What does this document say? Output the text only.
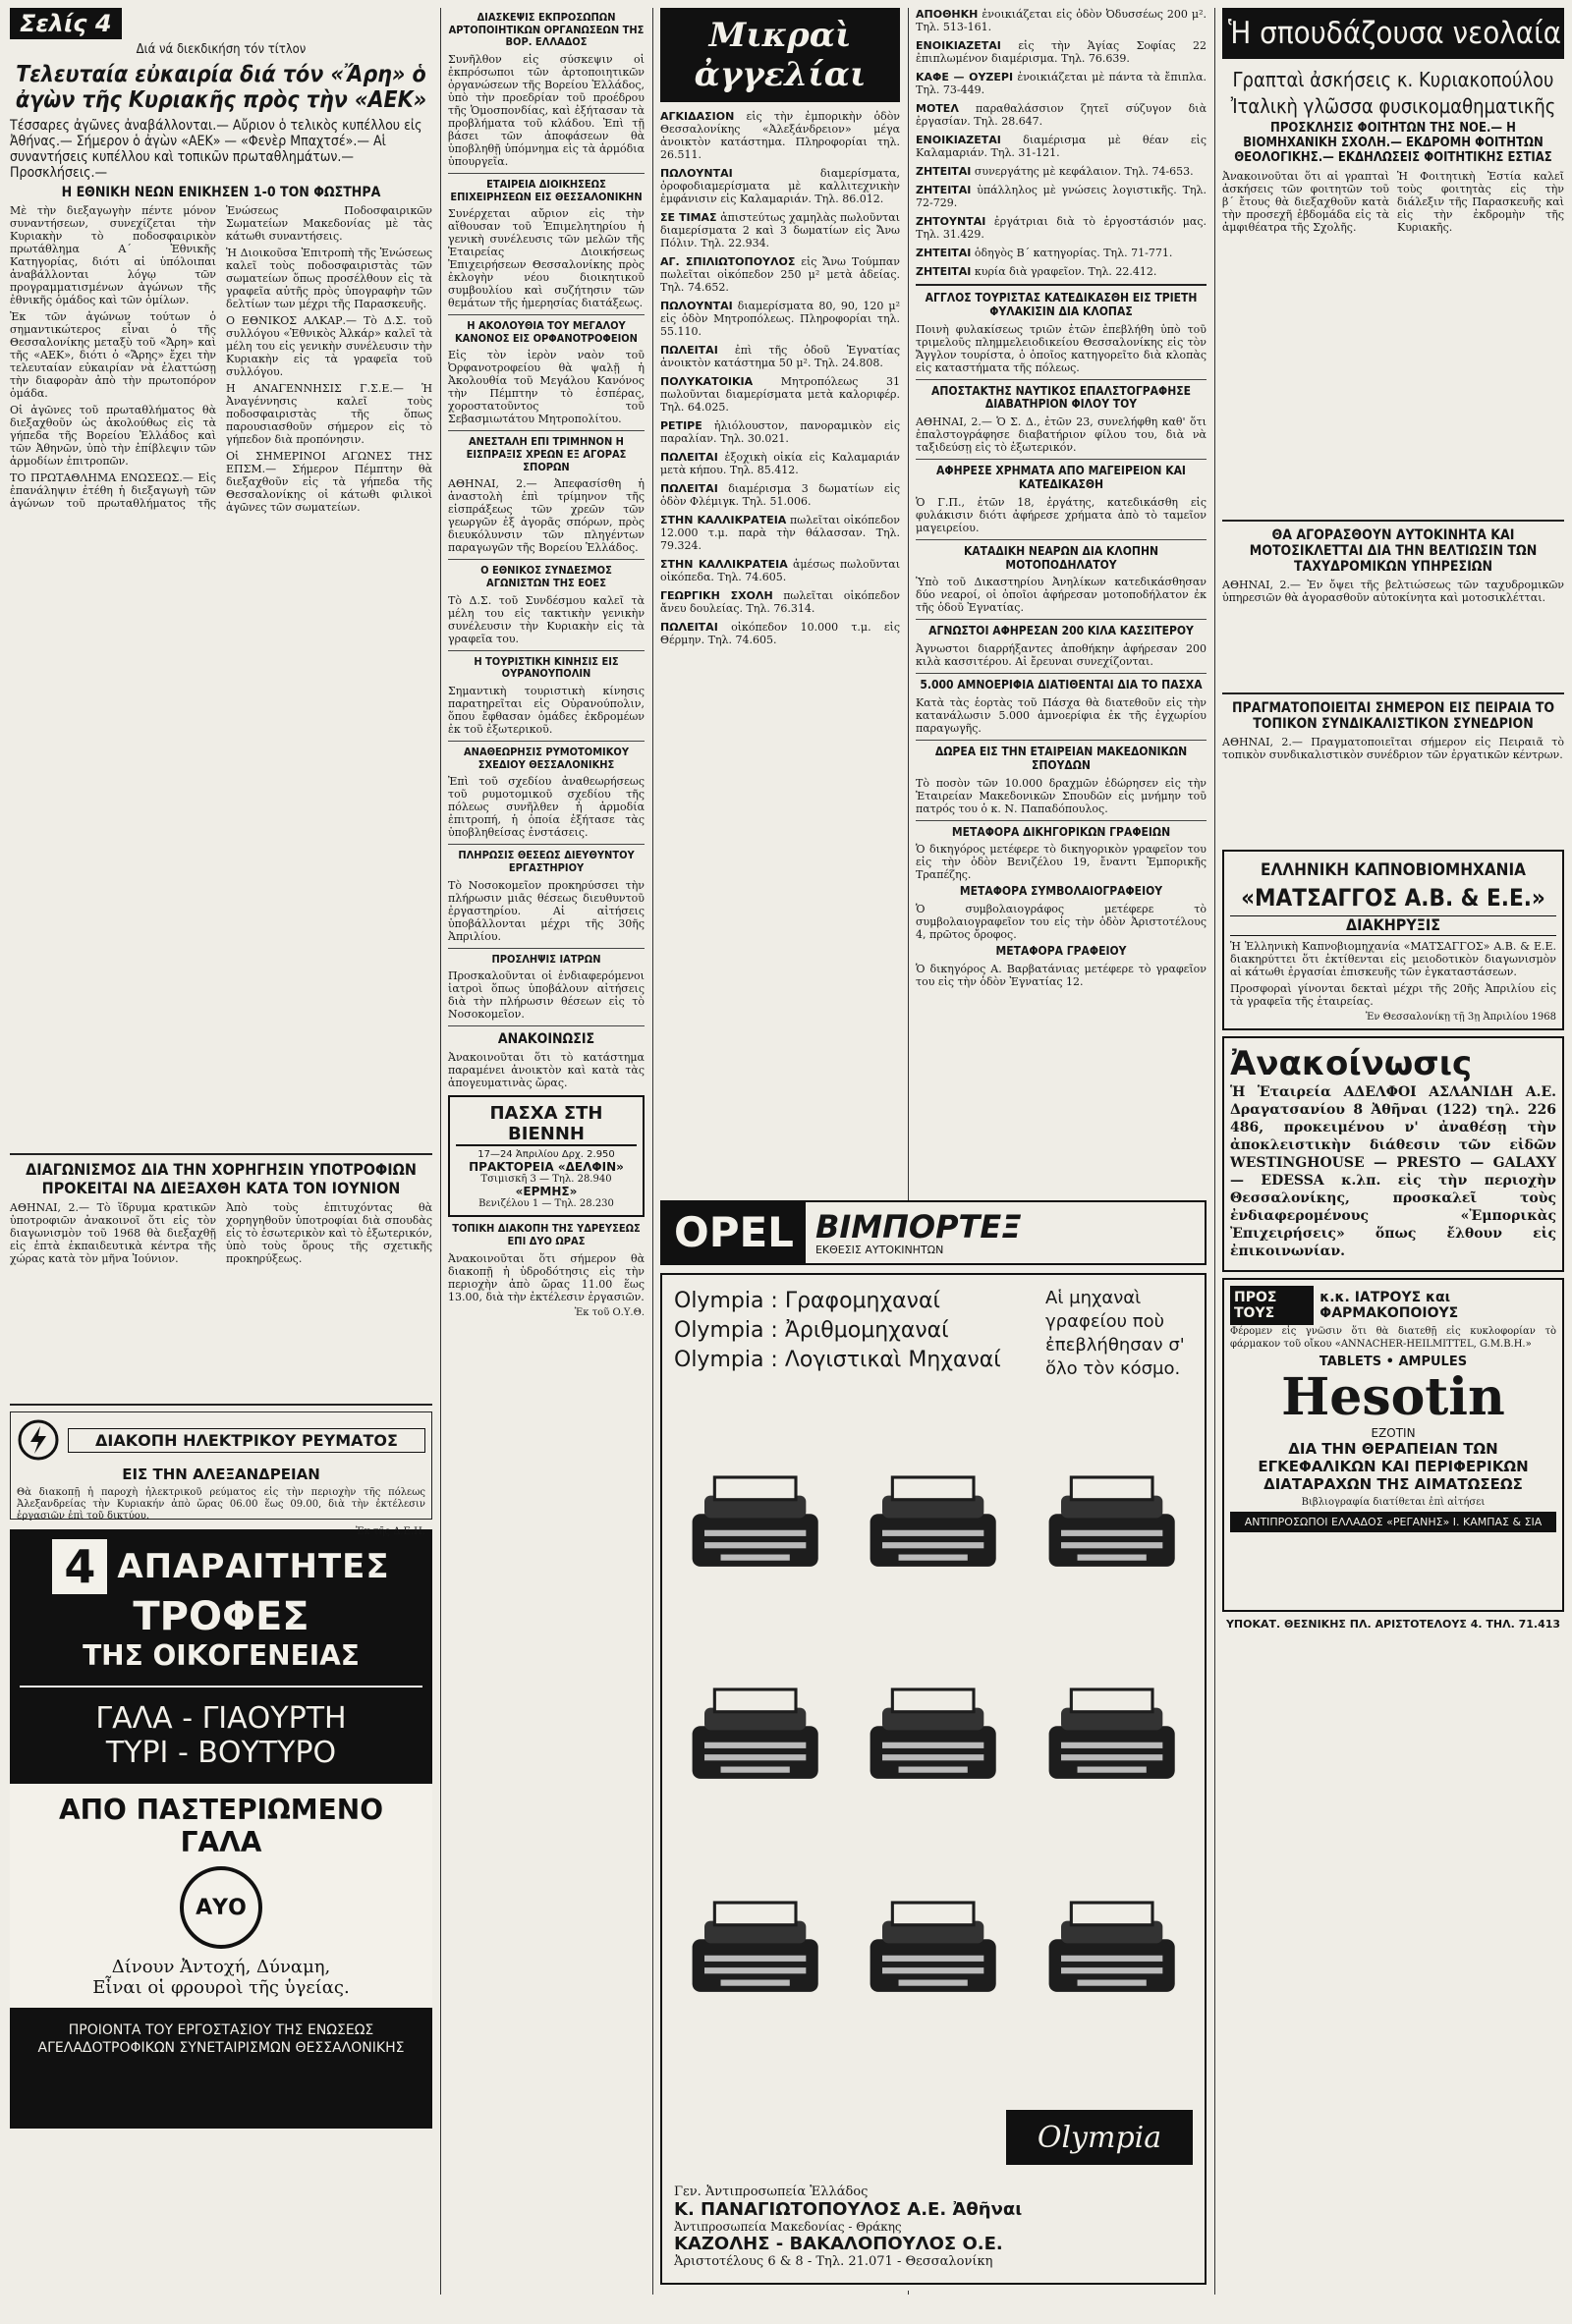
Σελίς 4
Διά νά διεκδικήση τόν τίτλον
Τελευταία εὐκαιρία διά τόν «Ἄρη» ὁ ἀγὼν τῆς Κυριακῆς πρὸς τὴν «ΑΕΚ»
Τέσσαρες ἀγῶνες ἀναβάλλονται.— Αὔριον ὁ τελικὸς κυπέλλου εἰς Ἀθήνας.— Σήμερον ὁ ἀγὼν «ΑΕΚ» — «Φενὲρ Μπαχτσέ».— Αἱ συναντήσεις κυπέλλου καὶ τοπικῶν πρωταθλημάτων.— Προσκλήσεις.—
Η ΕΘΝΙΚΗ ΝΕΩΝ ΕΝΙΚΗΣΕΝ 1-0 ΤΟΝ ΦΩΣΤΗΡΑ

Μὲ τὴν διεξαγωγὴν πέντε μόνον συναντήσεων, συνεχίζεται τὴν Κυριακὴν τὸ ποδοσφαιρικὸν πρωτάθλημα Α΄ Ἐθνικῆς Κατηγορίας, διότι αἱ ὑπόλοιπαι ἀναβάλλονται λόγῳ τῶν προγραμματισμένων ἀγώνων τῆς ἐθνικῆς ὁμάδος καὶ τῶν ὁμίλων.

Ἐκ τῶν ἀγώνων τούτων ὁ σημαντικώτερος εἶναι ὁ τῆς Θεσσαλονίκης μεταξὺ τοῦ «Ἄρη» καὶ τῆς «ΑΕΚ», διότι ὁ «Ἄρης» ἔχει τὴν τελευταίαν εὐκαιρίαν νὰ ἐλαττώσῃ τὴν διαφορὰν ἀπὸ τὴν πρωτοπόρον ὁμάδα.

Οἱ ἀγῶνες τοῦ πρωταθλήματος θὰ διεξαχθοῦν ὡς ἀκολούθως εἰς τὰ γήπεδα τῆς Βορείου Ἑλλάδος καὶ τῶν Ἀθηνῶν, ὑπὸ τὴν ἐπίβλεψιν τῶν ἁρμοδίων ἐπιτροπῶν.

ΤΟ ΠΡΩΤΑΘΛΗΜΑ ΕΝΩΣΕΩΣ.— Εἰς ἐπανάληψιν ἐτέθη ἡ διεξαγωγὴ τῶν ἀγώνων τοῦ πρωταθλήματος τῆς Ἑνώσεως Ποδοσφαιρικῶν Σωματείων Μακεδονίας μὲ τὰς κάτωθι συναντήσεις.

Ἡ Διοικοῦσα Ἐπιτροπὴ τῆς Ἑνώσεως καλεῖ τοὺς ποδοσφαιριστὰς τῶν σωματείων ὅπως προσέλθουν εἰς τὰ γραφεῖα αὐτῆς πρὸς ὑπογραφὴν τῶν δελτίων των μέχρι τῆς Παρασκευῆς.

Ο ΕΘΝΙΚΟΣ ΑΛΚΑΡ.— Τὸ Δ.Σ. τοῦ συλλόγου «Ἐθνικὸς Ἀλκάρ» καλεῖ τὰ μέλη του εἰς γενικὴν συνέλευσιν τὴν Κυριακὴν εἰς τὰ γραφεῖα τοῦ συλλόγου.

Η ΑΝΑΓΕΝΝΗΣΙΣ Γ.Σ.Ε.— Ἡ Ἀναγέννησις καλεῖ τοὺς ποδοσφαιριστὰς τῆς ὅπως παρουσιασθοῦν σήμερον εἰς τὸ γήπεδον διὰ προπόνησιν.

Οἱ ΣΗΜΕΡΙΝΟΙ ΑΓΩΝΕΣ ΤΗΣ ΕΠΣΜ.— Σήμερον Πέμπτην θὰ διεξαχθοῦν εἰς τὰ γήπεδα τῆς Θεσσαλονίκης οἱ κάτωθι φιλικοὶ ἀγῶνες τῶν σωματείων.

ΔΙΑΓΩΝΙΣΜΟΣ ΔΙΑ ΤΗΝ ΧΟΡΗΓΗΣΙΝ ΥΠΟΤΡΟΦΙΩΝ ΠΡΟΚΕΙΤΑΙ ΝΑ ΔΙΕΞΑΧΘΗ ΚΑΤΑ ΤΟΝ ΙΟΥΝΙΟΝ

ΑΘΗΝΑΙ, 2.— Τὸ ἵδρυμα κρατικῶν ὑποτροφιῶν ἀνακοινοῖ ὅτι εἰς τὸν διαγωνισμὸν τοῦ 1968 θὰ διεξαχθῇ εἰς ἑπτὰ ἐκπαιδευτικὰ κέντρα τῆς χώρας κατὰ τὸν μῆνα Ἰούνιον.

Ἀπὸ τοὺς ἐπιτυχόντας θὰ χορηγηθοῦν ὑποτροφίαι διὰ σπουδὰς εἰς τὸ ἐσωτερικὸν καὶ τὸ ἐξωτερικόν, ὑπὸ τοὺς ὅρους τῆς σχετικῆς προκηρύξεως.

ΔΙΑΚΟΠΗ ΗΛΕΚΤΡΙΚΟΥ ΡΕΥΜΑΤΟΣ
ΕΙΣ ΤΗΝ ΑΛΕΞΑΝΔΡΕΙΑΝ

Θὰ διακοπῇ ἡ παροχὴ ἠλεκτρικοῦ ρεύματος εἰς τὴν περιοχὴν τῆς πόλεως Ἀλεξανδρείας τὴν Κυριακήν ἀπὸ ὥρας 06.00 ἕως 09.00, διὰ τὴν ἐκτέλεσιν ἐργασιῶν ἐπὶ τοῦ δικτύου.

Ἐκ τῆς Δ.Ε.Η.
4 ΑΠΑΡΑΙΤΗΤΕΣ
ΤΡΟΦΕΣ
ΤΗΣ ΟΙΚΟΓΕΝΕΙΑΣ
ΓΑΛΑ - ΓΙΑΟΥΡΤΗ
ΤΥΡΙ - ΒΟΥΤΥΡΟ
ΑΠΟ ΠΑΣΤΕΡΙΩΜΕΝΟ ΓΑΛΑ
ΑΥΟ
Δίνουν Ἀντοχή, Δύναμη,
Εἶναι οἱ φρουροὶ τῆς ὑγείας.
ΠΡΟΙΟΝΤΑ ΤΟΥ ΕΡΓΟΣΤΑΣΙΟΥ ΤΗΣ ΕΝΩΣΕΩΣ ΑΓΕΛΑΔΟΤΡΟΦΙΚΩΝ ΣΥΝΕΤΑΙΡΙΣΜΩΝ ΘΕΣΣΑΛΟΝΙΚΗΣ
ΔΙΑΣΚΕΨΙΣ ΕΚΠΡΟΣΩΠΩΝ ΑΡΤΟΠΟΙΗΤΙΚΩΝ ΟΡΓΑΝΩΣΕΩΝ ΤΗΣ ΒΟΡ. ΕΛΛΑΔΟΣ

Συνῆλθον εἰς σύσκεψιν οἱ ἐκπρόσωποι τῶν ἀρτοποιητικῶν ὀργανώσεων τῆς Βορείου Ἑλλάδος, ὑπὸ τὴν προεδρίαν τοῦ προέδρου τῆς Ὁμοσπονδίας, καὶ ἐξήτασαν τὰ προβλήματα τοῦ κλάδου. Ἐπὶ τῇ βάσει τῶν ἀποφάσεων θὰ ὑποβληθῇ ὑπόμνημα εἰς τὰ ἁρμόδια ὑπουργεῖα.

ΕΤΑΙΡΕΙΑ ΔΙΟΙΚΗΣΕΩΣ ΕΠΙΧΕΙΡΗΣΕΩΝ ΕΙΣ ΘΕΣΣΑΛΟΝΙΚΗΝ

Συνέρχεται αὔριον εἰς τὴν αἴθουσαν τοῦ Ἐπιμελητηρίου ἡ γενικὴ συνέλευσις τῶν μελῶν τῆς Ἑταιρείας Διοικήσεως Ἐπιχειρήσεων Θεσσαλονίκης πρὸς ἐκλογὴν νέου διοικητικοῦ συμβουλίου καὶ συζήτησιν τῶν θεμάτων τῆς ἡμερησίας διατάξεως.

Η ΑΚΟΛΟΥΘΙΑ ΤΟΥ ΜΕΓΑΛΟΥ ΚΑΝΟΝΟΣ ΕΙΣ ΟΡΦΑΝΟΤΡΟΦΕΙΟΝ

Εἰς τὸν ἱερὸν ναὸν τοῦ Ὀρφανοτροφείου θὰ ψαλῇ ἡ Ἀκολουθία τοῦ Μεγάλου Κανόνος τὴν Πέμπτην τὸ ἑσπέρας, χοροστατοῦντος τοῦ Σεβασμιωτάτου Μητροπολίτου.

ΑΝΕΣΤΑΛΗ ΕΠΙ ΤΡΙΜΗΝΟΝ Η ΕΙΣΠΡΑΞΙΣ ΧΡΕΩΝ ΕΞ ΑΓΟΡΑΣ ΣΠΟΡΩΝ

ΑΘΗΝΑΙ, 2.— Ἀπεφασίσθη ἡ ἀναστολὴ ἐπὶ τρίμηνον τῆς εἰσπράξεως τῶν χρεῶν τῶν γεωργῶν ἐξ ἀγορᾶς σπόρων, πρὸς διευκόλυνσιν τῶν πληγέντων παραγωγῶν τῆς Βορείου Ἑλλάδος.

Ο ΕΘΝΙΚΟΣ ΣΥΝΔΕΣΜΟΣ ΑΓΩΝΙΣΤΩΝ ΤΗΣ ΕΟΕΣ

Τὸ Δ.Σ. τοῦ Συνδέσμου καλεῖ τὰ μέλη του εἰς τακτικὴν γενικὴν συνέλευσιν τὴν Κυριακὴν εἰς τὰ γραφεῖα του.

Η ΤΟΥΡΙΣΤΙΚΗ ΚΙΝΗΣΙΣ ΕΙΣ ΟΥΡΑΝΟΥΠΟΛΙΝ

Σημαντικὴ τουριστικὴ κίνησις παρατηρεῖται εἰς Οὐρανούπολιν, ὅπου ἔφθασαν ὁμάδες ἐκδρομέων ἐκ τοῦ ἐξωτερικοῦ.

ΑΝΑΘΕΩΡΗΣΙΣ ΡΥΜΟΤΟΜΙΚΟΥ ΣΧΕΔΙΟΥ ΘΕΣΣΑΛΟΝΙΚΗΣ

Ἐπὶ τοῦ σχεδίου ἀναθεωρήσεως τοῦ ρυμοτομικοῦ σχεδίου τῆς πόλεως συνῆλθεν ἡ ἁρμοδία ἐπιτροπή, ἡ ὁποία ἐξήτασε τὰς ὑποβληθείσας ἐνστάσεις.

ΠΛΗΡΩΣΙΣ ΘΕΣΕΩΣ ΔΙΕΥΘΥΝΤΟΥ ΕΡΓΑΣΤΗΡΙΟΥ

Τὸ Νοσοκομεῖον προκηρύσσει τὴν πλήρωσιν μιᾶς θέσεως διευθυντοῦ ἐργαστηρίου. Αἱ αἰτήσεις ὑποβάλλονται μέχρι τῆς 30ῆς Ἀπριλίου.

ΠΡΟΣΛΗΨΙΣ ΙΑΤΡΩΝ

Προσκαλοῦνται οἱ ἐνδιαφερόμενοι ἰατροὶ ὅπως ὑποβάλουν αἰτήσεις διὰ τὴν πλήρωσιν θέσεων εἰς τὸ Νοσοκομεῖον.

ΑΝΑΚΟΙΝΩΣΙΣ

Ἀνακοινοῦται ὅτι τὸ κατάστημα παραμένει ἀνοικτὸν καὶ κατὰ τὰς ἀπογευματινὰς ὥρας.

ΠΑΣΧΑ ΣΤΗ ΒΙΕΝΝΗ
17—24 Ἀπριλίου Δρχ. 2.950
ΠΡΑΚΤΟΡΕΙΑ «ΔΕΛΦΙΝ»
Τσιμισκῆ 3 — Τηλ. 28.940
«ΕΡΜΗΣ»
Βενιζέλου 1 — Τηλ. 28.230
ΤΟΠΙΚΗ ΔΙΑΚΟΠΗ ΤΗΣ ΥΔΡΕΥΣΕΩΣ ΕΠΙ ΔΥΟ ΩΡΑΣ

Ἀνακοινοῦται ὅτι σήμερον θὰ διακοπῇ ἡ ὑδροδότησις εἰς τὴν περιοχὴν ἀπὸ ὥρας 11.00 ἕως 13.00, διὰ τὴν ἐκτέλεσιν ἐργασιῶν.

Ἐκ τοῦ Ο.Υ.Θ.
Μικραὶ ἀγγελίαι
ΑΓΚΙΔΑΣΙΟΝ εἰς τὴν ἐμπορικὴν ὁδὸν Θεσσαλονίκης «Ἀλεξάνδρειον» μέγα ἀνοικτὸν κατάστημα. Πληροφορίαι τηλ. 26.511.
ΠΩΛΟΥΝΤΑΙ	διαμερίσματα, ὀροφοδιαμερίσματα μὲ καλλιτεχνικὴν ἐμφάνισιν εἰς Καλαμαριάν. Τηλ. 86.012.
ΣΕ ΤΙΜΑΣ ἀπιστεύτως χαμηλὰς πωλοῦνται διαμερίσματα 2 καὶ 3 δωματίων εἰς Ἄνω Πόλιν. Τηλ. 22.934.
ΑΓ. ΣΠΙΛΙΩΤΟΠΟΥΛΟΣ εἰς Ἄνω Τούμπαν πωλεῖται οἰκόπεδον 250 μ² μετὰ ἀδείας. Τηλ. 74.652.
ΠΩΛΟΥΝΤΑΙ διαμερίσματα 80, 90, 120 μ² εἰς ὁδὸν Μητροπόλεως. Πληροφορίαι τηλ. 55.110.
ΠΩΛΕΙΤΑΙ ἐπὶ τῆς ὁδοῦ Ἐγνατίας ἀνοικτὸν κατάστημα 50 μ². Τηλ. 24.808.
ΠΟΛΥΚΑΤΟΙΚΙΑ	Μητροπόλεως 31 πωλοῦνται διαμερίσματα μετὰ καλοριφέρ. Τηλ. 64.025.
ΡΕΤΙΡΕ ἡλιόλουστον, πανοραμικὸν εἰς παραλίαν. Τηλ. 30.021.
ΠΩΛΕΙΤΑΙ ἐξοχικὴ οἰκία εἰς Καλαμαριάν μετὰ κήπου. Τηλ. 85.412.
ΠΩΛΕΙΤΑΙ διαμέρισμα 3 δωματίων εἰς ὁδὸν Φλέμιγκ. Τηλ. 51.006.
ΣΤΗΝ ΚΑΛΛΙΚΡΑΤΕΙΑ πωλεῖται οἰκόπεδον 12.000 τ.μ. παρὰ τὴν θάλασσαν. Τηλ. 79.324.
ΣΤΗΝ ΚΑΛΛΙΚΡΑΤΕΙΑ ἀμέσως πωλοῦνται οἰκόπεδα. Τηλ. 74.605.
ΓΕΩΡΓΙΚΗ ΣΧΟΛΗ πωλεῖται οἰκόπεδον ἄνευ δουλείας. Τηλ. 76.314.
ΠΩΛΕΙΤΑΙ οἰκόπεδον 10.000 τ.μ. εἰς Θέρμην. Τηλ. 74.605.
ΑΠΟΘΗΚΗ ἐνοικιάζεται εἰς ὁδὸν Ὀδυσσέως 200 μ². Τηλ. 513-161.
ΕΝΟΙΚΙΑΖΕΤΑΙ εἰς τὴν Ἁγίας Σοφίας 22 ἐπιπλωμένον διαμέρισμα. Τηλ. 76.639.
ΚΑΦΕ — ΟΥΖΕΡΙ ἐνοικιάζεται μὲ πάντα τὰ ἔπιπλα. Τηλ. 73-449.
ΜΟΤΕΛ παραθαλάσσιον ζητεῖ σύζυγον διὰ ἐργασίαν. Τηλ. 28.647.
ΕΝΟΙΚΙΑΖΕΤΑΙ διαμέρισμα μὲ θέαν εἰς Καλαμαριάν. Τηλ. 31-121.
ΖΗΤΕΙΤΑΙ συνεργάτης μὲ κεφάλαιον. Τηλ. 74-653.
ΖΗΤΕΙΤΑΙ ὑπάλληλος μὲ γνώσεις λογιστικῆς. Τηλ. 72-729.
ΖΗΤΟΥΝΤΑΙ ἐργάτριαι διὰ τὸ ἐργοστάσιόν μας. Τηλ. 31.429.
ΖΗΤΕΙΤΑΙ ὁδηγὸς Β΄ κατηγορίας. Τηλ. 71-771.
ΖΗΤΕΙΤΑΙ κυρία διὰ γραφεῖον. Τηλ. 22.412.
ΑΓΓΛΟΣ ΤΟΥΡΙΣΤΑΣ ΚΑΤΕΔΙΚΑΣΘΗ ΕΙΣ ΤΡΙΕΤΗ ΦΥΛΑΚΙΣΙΝ ΔΙΑ ΚΛΟΠΑΣ

Ποινὴ φυλακίσεως τριῶν ἐτῶν ἐπεβλήθη ὑπὸ τοῦ τριμελοῦς πλημμελειοδικείου Θεσσαλονίκης εἰς τὸν Ἄγγλον τουρίστα, ὁ ὁποῖος κατηγορεῖτο διὰ κλοπὰς εἰς καταστήματα τῆς πόλεως.

ΑΠΟΣΤΑΚΤΗΣ ΝΑΥΤΙΚΟΣ ΕΠΑΛΣΤΟΓΡΑΦΗΣΕ ΔΙΑΒΑΤΗΡΙΟΝ ΦΙΛΟΥ ΤΟΥ

ΑΘΗΝΑΙ, 2.— Ὁ Σ. Δ., ἐτῶν 23, συνελήφθη καθ' ὅτι ἐπαλστογράφησε διαβατήριον φίλου του, διὰ νὰ ταξιδεύσῃ εἰς τὸ ἐξωτερικόν.

ΑΦΗΡΕΣΕ ΧΡΗΜΑΤΑ ΑΠΟ ΜΑΓΕΙΡΕΙΟΝ ΚΑΙ ΚΑΤΕΔΙΚΑΣΘΗ

Ὁ Γ.Π., ἐτῶν 18, ἐργάτης, κατεδικάσθη εἰς φυλάκισιν διότι ἀφήρεσε χρήματα ἀπὸ τὸ ταμεῖον μαγειρείου.

ΚΑΤΑΔΙΚΗ ΝΕΑΡΩΝ ΔΙΑ ΚΛΟΠΗΝ ΜΟΤΟΠΟΔΗΛΑΤΟΥ

Ὑπὸ τοῦ Δικαστηρίου Ἀνηλίκων κατεδικάσθησαν δύο νεαροί, οἱ ὁποῖοι ἀφήρεσαν μοτοποδήλατον ἐκ τῆς ὁδοῦ Ἐγνατίας.

ΑΓΝΩΣΤΟΙ ΑΦΗΡΕΣΑΝ 200 ΚΙΛΑ ΚΑΣΣΙΤΕΡΟΥ

Ἀγνωστοι διαρρήξαντες ἀποθήκην ἀφήρεσαν 200 κιλὰ κασσιτέρου. Αἱ ἔρευναι συνεχίζονται.

5.000 ΑΜΝΟΕΡΙΦΙΑ ΔΙΑΤΙΘΕΝΤΑΙ ΔΙΑ ΤΟ ΠΑΣΧΑ

Κατὰ τὰς ἑορτὰς τοῦ Πάσχα θὰ διατεθοῦν εἰς τὴν κατανάλωσιν 5.000 ἀμνοερίφια ἐκ τῆς ἐγχωρίου παραγωγῆς.

ΔΩΡΕΑ ΕΙΣ ΤΗΝ ΕΤΑΙΡΕΙΑΝ ΜΑΚΕΔΟΝΙΚΩΝ ΣΠΟΥΔΩΝ

Τὸ ποσὸν τῶν 10.000 δραχμῶν ἐδώρησεν εἰς τὴν Ἑταιρείαν Μακεδονικῶν Σπουδῶν εἰς μνήμην τοῦ πατρός του ὁ κ. Ν. Παπαδόπουλος.

ΜΕΤΑΦΟΡΑ ΔΙΚΗΓΟΡΙΚΩΝ ΓΡΑΦΕΙΩΝ

Ὁ δικηγόρος μετέφερε τὸ δικηγορικὸν γραφεῖον του εἰς τὴν ὁδὸν Βενιζέλου 19, ἔναντι Ἐμπορικῆς Τραπέζης.

ΜΕΤΑΦΟΡΑ ΣΥΜΒΟΛΑΙΟΓΡΑΦΕΙΟΥ

Ὁ συμβολαιογράφος μετέφερε τὸ συμβολαιογραφεῖον του εἰς τὴν ὁδὸν Ἀριστοτέλους 4, πρῶτος ὄροφος.

ΜΕΤΑΦΟΡΑ ΓΡΑΦΕΙΟΥ

Ὁ δικηγόρος Α. Βαρβατάνιας μετέφερε τὸ γραφεῖον του εἰς τὴν ὁδὸν Ἐγνατίας 12.

OPEL ΒΙΜΠΟΡΤΕΞ
ΕΚΘΕΣΙΣ ΑΥΤΟΚΙΝΗΤΩΝ
Olympia : Γραφομηχαναί
Olympia : Ἀριθμομηχαναί
Olympia : Λογιστικαὶ Μηχαναί
Αἱ μηχαναὶ γραφείου ποὺ ἐπεβλήθησαν σ' ὅλο τὸν κόσμο.
Olympia
Γεν. Ἀντιπροσωπεία Ἑλλάδος
Κ. ΠΑΝΑΓΙΩΤΟΠΟΥΛΟΣ Α.Ε. Ἀθῆναι
Ἀντιπροσωπεία Μακεδονίας - Θράκης
ΚΑΖΟΛΗΣ - ΒΑΚΑΛΟΠΟΥΛΟΣ Ο.Ε.
Ἀριστοτέλους 6 & 8 - Τηλ. 21.071 - Θεσσαλονίκη
Ἡ σπουδάζουσα νεολαία
Γραπταὶ ἀσκήσεις κ. Κυριακοπούλου
Ἰταλικὴ γλῶσσα φυσικομαθηματικῆς
ΠΡΟΣΚΛΗΣΙΣ ΦΟΙΤΗΤΩΝ ΤΗΣ ΝΟΕ.— Η ΒΙΟΜΗΧΑΝΙΚΗ ΣΧΟΛΗ.— ΕΚΔΡΟΜΗ ΦΟΙΤΗΤΩΝ ΘΕΟΛΟΓΙΚΗΣ.— ΕΚΔΗΛΩΣΕΙΣ ΦΟΙΤΗΤΙΚΗΣ ΕΣΤΙΑΣ

Ἀνακοινοῦται ὅτι αἱ γραπταὶ ἀσκήσεις τῶν φοιτητῶν τοῦ β΄ ἔτους θὰ διεξαχθοῦν κατὰ τὴν προσεχῆ ἑβδομάδα εἰς τὰ ἀμφιθέατρα τῆς Σχολῆς.

Ἡ Φοιτητικὴ Ἑστία καλεῖ τοὺς φοιτητὰς εἰς τὴν διάλεξιν τῆς Παρασκευῆς καὶ εἰς τὴν ἐκδρομὴν τῆς Κυριακῆς.

ΘΑ ΑΓΟΡΑΣΘΟΥΝ ΑΥΤΟΚΙΝΗΤΑ ΚΑΙ ΜΟΤΟΣΙΚΛΕΤΤΑΙ ΔΙΑ ΤΗΝ ΒΕΛΤΙΩΣΙΝ ΤΩΝ ΤΑΧΥΔΡΟΜΙΚΩΝ ΥΠΗΡΕΣΙΩΝ

ΑΘΗΝΑΙ, 2.— Ἐν ὄψει τῆς βελτιώσεως τῶν ταχυδρομικῶν ὑπηρεσιῶν θὰ ἀγορασθοῦν αὐτοκίνητα καὶ μοτοσικλέτται.

ΠΡΑΓΜΑΤΟΠΟΙΕΙΤΑΙ ΣΗΜΕΡΟΝ ΕΙΣ ΠΕΙΡΑΙΑ ΤΟ ΤΟΠΙΚΟΝ ΣΥΝΔΙΚΑΛΙΣΤΙΚΟΝ ΣΥΝΕΔΡΙΟΝ

ΑΘΗΝΑΙ, 2.— Πραγματοποιεῖται σήμερον εἰς Πειραιᾶ τὸ τοπικὸν συνδικαλιστικὸν συνέδριον τῶν ἐργατικῶν κέντρων.

ΕΛΛΗΝΙΚΗ ΚΑΠΝΟΒΙΟΜΗΧΑΝΙΑ
«ΜΑΤΣΑΓΓΟΣ Α.Β. & Ε.Ε.»
ΔΙΑΚΗΡΥΞΙΣ

Ἡ Ἑλληνικὴ Καπνοβιομηχανία «ΜΑΤΣΑΓΓΟΣ» Α.Β. & Ε.Ε. διακηρύττει ὅτι ἐκτίθενται εἰς μειοδοτικὸν διαγωνισμὸν αἱ κάτωθι ἐργασίαι ἐπισκευῆς τῶν ἐγκαταστάσεων.

Προσφοραὶ γίνονται δεκταὶ μέχρι τῆς 20ῆς Ἀπριλίου εἰς τὰ γραφεῖα τῆς ἑταιρείας.

Ἐν Θεσσαλονίκῃ τῇ 3ῃ Ἀπριλίου 1968
Ἀνακοίνωσις

Ἡ Ἑταιρεία ΑΔΕΛΦΟΙ ΑΣΛΑΝΙΔΗ Α.Ε. Δραγατσανίου 8 Ἀθῆναι (122) τηλ. 226 486, προκειμένου ν' ἀναθέσῃ τὴν ἀποκλειστικὴν διάθεσιν τῶν εἰδῶν WESTINGHOUSE — PRESTO — GALAXY — EDESSA κ.λπ. εἰς τὴν περιοχὴν Θεσσαλονίκης, προσκαλεῖ τοὺς ἐνδιαφερομένους «Ἐμπορικὰς Ἐπιχειρήσεις» ὅπως ἔλθουν εἰς ἐπικοινωνίαν.

ΠΡΟΣ ΤΟΥΣ
κ.κ. ΙΑΤΡΟΥΣ και ΦΑΡΜΑΚΟΠΟΙΟΥΣ

Φέρομεν εἰς γνῶσιν ὅτι θὰ διατεθῇ εἰς κυκλοφορίαν τὸ φάρμακον τοῦ οἴκου «ANNACHER-HEILMITTEL, G.M.B.H.»

TABLETS • AMPULES
Hesotin
ΕΖΟΤΙΝ
ΔΙΑ ΤΗΝ ΘΕΡΑΠΕΙΑΝ ΤΩΝ ΕΓΚΕΦΑΛΙΚΩΝ ΚΑΙ ΠΕΡΙΦΕΡΙΚΩΝ ΔΙΑΤΑΡΑΧΩΝ ΤΗΣ ΑΙΜΑΤΩΣΕΩΣ
Βιβλιογραφία διατίθεται ἐπὶ αἰτήσει
ΑΝΤΙΠΡΟΣΩΠΟΙ ΕΛΛΑΔΟΣ «ΡΕΓΑΝΗΣ» Ι. ΚΑΜΠΑΣ & ΣΙΑ
ΥΠΟΚΑΤ. ΘΕΣΝΙΚΗΣ ΠΛ. ΑΡΙΣΤΟΤΕΛΟΥΣ 4. ΤΗΛ. 71.413
